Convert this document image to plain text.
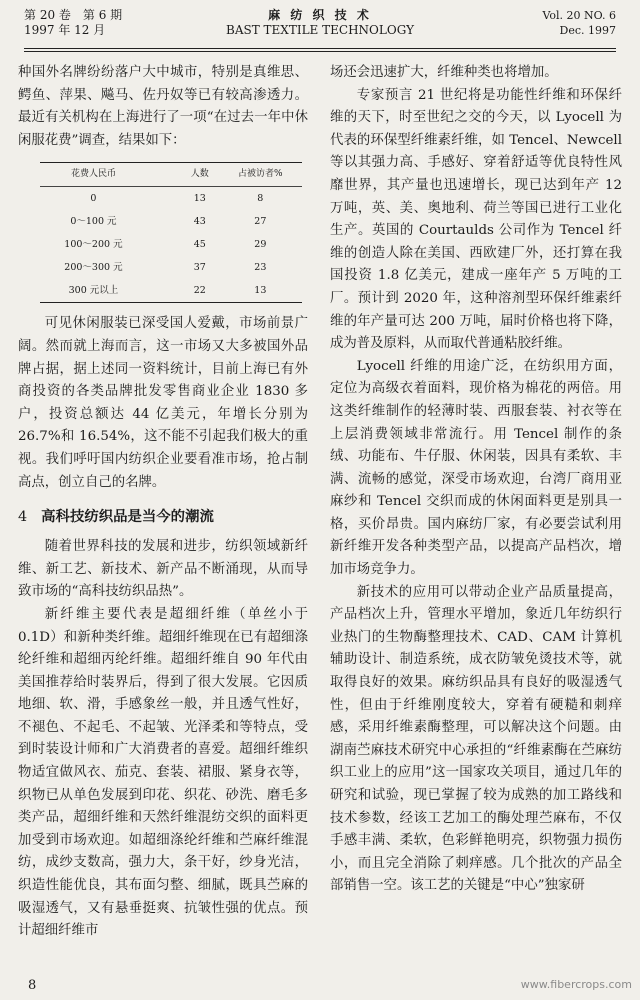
第 20 卷　第 6 期
1997 年 12 月
麻 纺 织 技 术
BAST TEXTILE TECHNOLOGY
Vol. 20 NO. 6
Dec. 1997

种国外名牌纷纷落户大中城市，特别是真维思、鳄鱼、萍果、飚马、佐丹奴等已有较高渗透力。最近有关机构在上海进行了一项“在过去一年中休闲服花费”调查，结果如下：

花费人民币		人数	占被访者%
0		13	8
0～100 元		43	27
100～200 元		45	29
200～300 元		37	23
300 元以上		22	13

可见休闲服装已深受国人爱戴，市场前景广阔。然而就上海而言，这一市场又大多被国外品牌占据，据上述同一资料统计，目前上海已有外商投资的各类品牌批发零售商业企业 1830 多户，投资总额达 44 亿美元，年增长分别为 26.7%和 16.54%，这不能不引起我们极大的重视。我们呼吁国内纺织企业要看准市场，抢占制高点，创立自己的名牌。

4 高科技纺织品是当今的潮流

随着世界科技的发展和进步，纺织领域新纤维、新工艺、新技术、新产品不断涌现，从而导致市场的“高科技纺织品热”。

新纤维主要代表是超细纤维（单丝小于 0.1D）和新种类纤维。超细纤维现在已有超细涤纶纤维和超细丙纶纤维。超细纤维自 90 年代由美国推荐给时装界后，得到了很大发展。它因质地细、软、滑，手感象丝一般，并且透气性好，不褪色、不起毛、不起皱、光泽柔和等特点，受到时装设计师和广大消费者的喜爱。超细纤维织物适宜做风衣、茄克、套装、裙服、紧身衣等，织物已从单色发展到印花、织花、砂洗、磨毛多类产品，超细纤维和天然纤维混纺交织的面料更加受到市场欢迎。如超细涤纶纤维和苎麻纤维混纺，成纱支数高，强力大，条干好，纱身光洁，织造性能优良，其布面匀整、细腻，既具苎麻的吸湿透气，又有悬垂挺爽、抗皱性强的优点。预计超细纤维市

场还会迅速扩大，纤维种类也将增加。

专家预言 21 世纪将是功能性纤维和环保纤维的天下，时至世纪之交的今天，以 Lyocell 为代表的环保型纤维素纤维，如 Tencel、Newcell 等以其强力高、手感好、穿着舒适等优良特性风靡世界，其产量也迅速增长，现已达到年产 12 万吨，英、美、奥地利、荷兰等国已进行工业化生产。英国的 Courtaulds 公司作为 Tencel 纤维的创造人除在美国、西欧建厂外，还打算在我国投资 1.8 亿美元，建成一座年产 5 万吨的工厂。预计到 2020 年，这种溶剂型环保纤维素纤维的年产量可达 200 万吨，届时价格也将下降，成为普及原料，从而取代普通粘胶纤维。

Lyocell 纤维的用途广泛，在纺织用方面，定位为高级衣着面料，现价格为棉花的两倍。用这类纤维制作的轻薄时装、西服套装、衬衣等在上层消费领域非常流行。用 Tencel 制作的条绒、功能布、牛仔服、休闲装，因具有柔软、丰满、流畅的感觉，深受市场欢迎，台湾厂商用亚麻纱和 Tencel 交织而成的休闲面料更是别具一格，买价昂贵。国内麻纺厂家，有必要尝试利用新纤维开发各种类型产品，以提高产品档次，增加市场竞争力。

新技术的应用可以带动企业产品质量提高，产品档次上升，管理水平增加，象近几年纺织行业热门的生物酶整理技术、CAD、CAM 计算机辅助设计、制造系统，成衣防皱免烫技术等，就取得良好的效果。麻纺织品具有良好的吸湿透气性，但由于纤维刚度较大，穿着有硬糙和刺痒感，采用纤维素酶整理，可以解决这个问题。由湖南苎麻技术研究中心承担的“纤维素酶在苎麻纺织工业上的应用”这一国家攻关项目，通过几年的研究和试验，现已掌握了较为成熟的加工路线和技术参数，经该工艺加工的酶处理苎麻布，不仅手感丰满、柔软，色彩鲜艳明亮，织物强力损伤小，而且完全消除了刺痒感。几个批次的产品全部销售一空。该工艺的关键是“中心”独家研

8	www.fibercrops.com
